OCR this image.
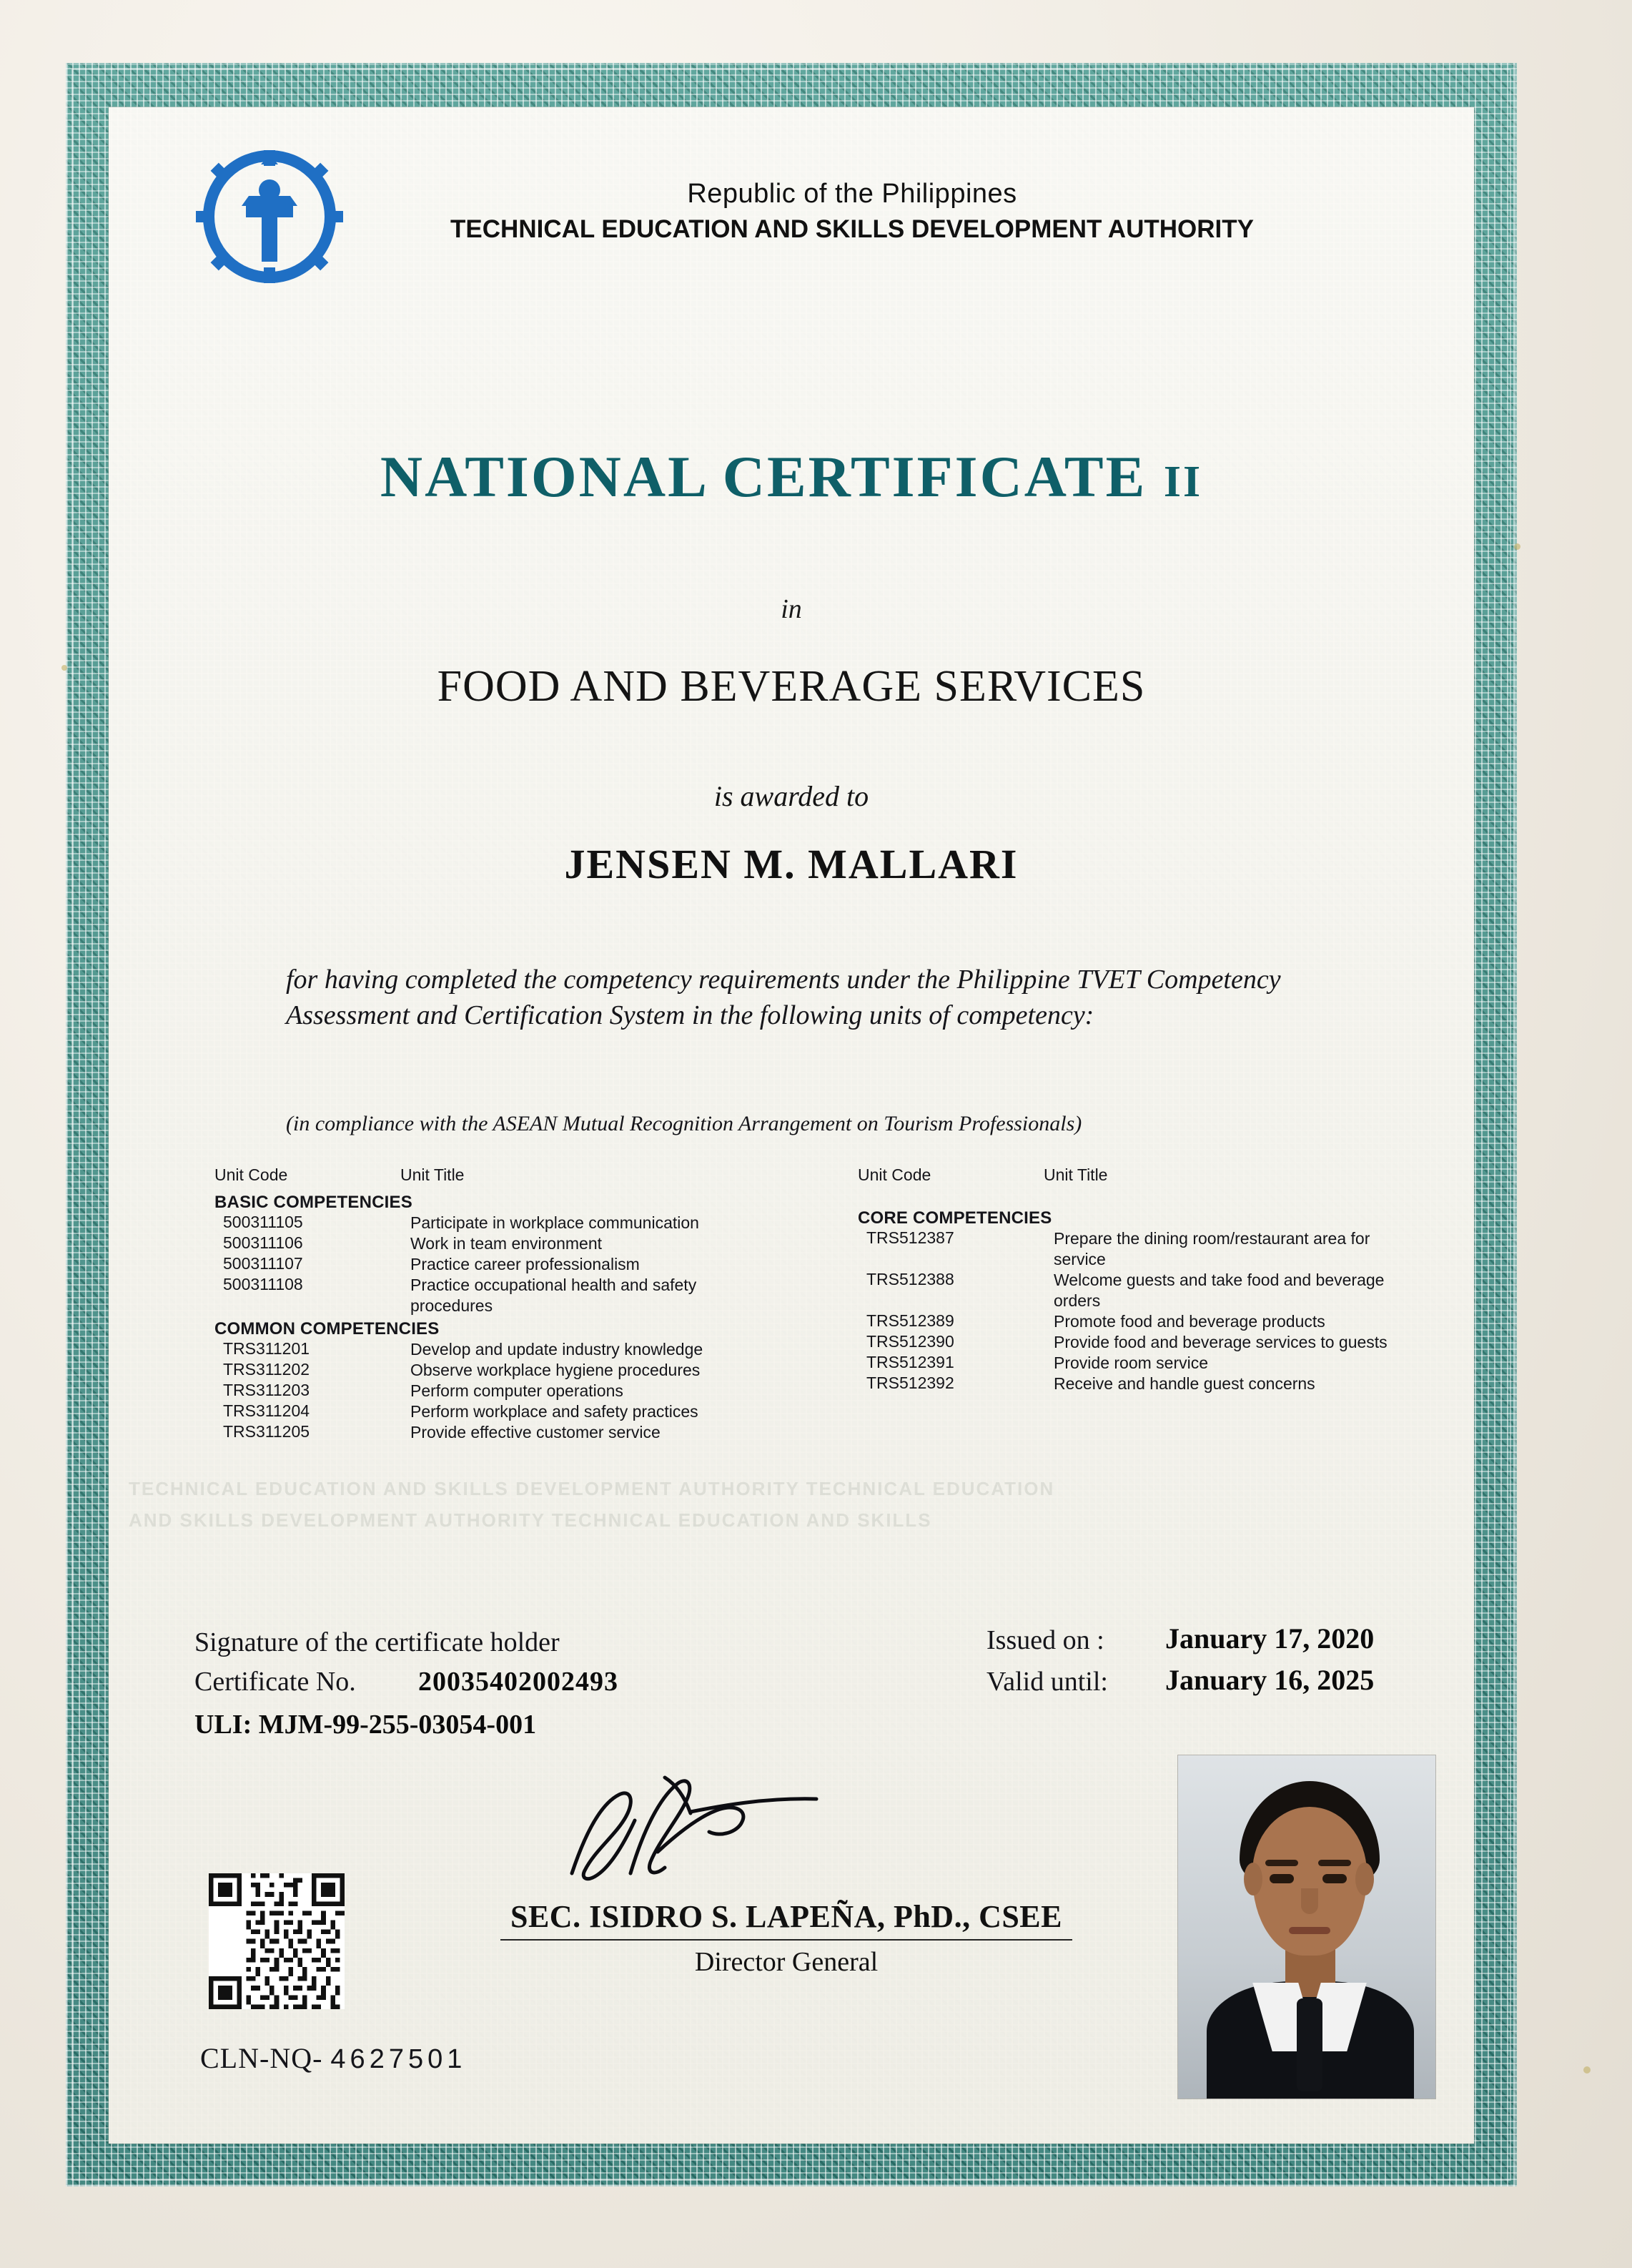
Republic of the Philippines
TECHNICAL EDUCATION AND SKILLS DEVELOPMENT AUTHORITY
NATIONAL CERTIFICATE II
in
FOOD AND BEVERAGE SERVICES
is awarded to
JENSEN M. MALLARI
for having completed the competency requirements under the Philippine TVET Competency Assessment and Certification System in the following units of competency:
(in compliance with the ASEAN Mutual Recognition Arrangement on Tourism Professionals)
Unit Code	Unit Title
BASIC COMPETENCIES
500311105	Participate in workplace communication
500311106	Work in team environment
500311107	Practice career professionalism
500311108	Practice occupational health and safety procedures
COMMON COMPETENCIES
TRS311201	Develop and update industry knowledge
TRS311202	Observe workplace hygiene procedures
TRS311203	Perform computer operations
TRS311204	Perform workplace and safety practices
TRS311205	Provide effective customer service
Unit Code	Unit Title
CORE COMPETENCIES
TRS512387	Prepare the dining room/restaurant area for service
TRS512388	Welcome guests and take food and beverage orders
TRS512389	Promote food and beverage products
TRS512390	Provide food and beverage services to guests
TRS512391	Provide room service
TRS512392	Receive and handle guest concerns
Signature of the certificate holder
Certificate No. 20035402002493
ULI: MJM-99-255-03054-001
Issued on : January 17, 2020
Valid until: January 16, 2025
CLN-NQ- 4627501
SEC. ISIDRO S. LAPEÑA, PhD., CSEE
Director General
